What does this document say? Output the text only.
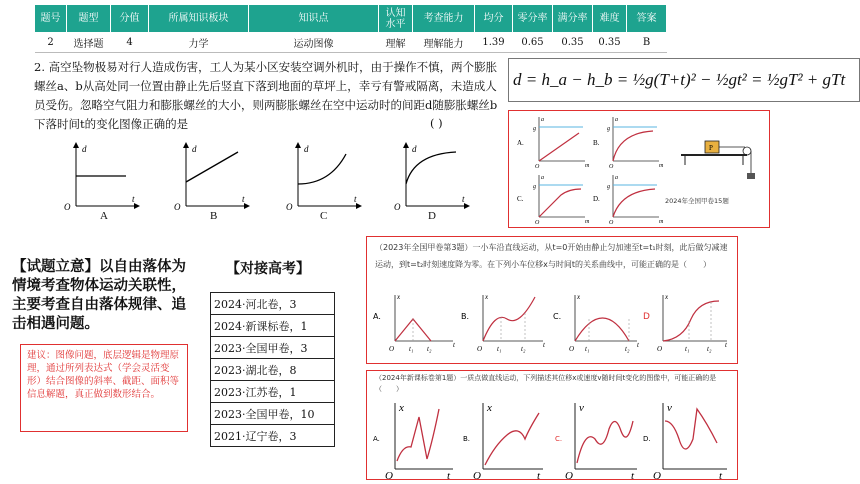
题号	题型	分值	所属知识板块	知识点	认知水平	考查能力	均分	零分率	满分率	难度	答案
2	选择题	4	力学	运动图像	理解	理解能力	1.39	0.65	0.35	0.35	B
2. 高空坠物极易对行人造成伤害，工人为某小区安装空调外机时，由于操作不慎，两个膨胀螺丝a、b从高处同一位置由静止先后竖直下落到地面的草坪上，幸亏有警戒隔离，未造成人员受伤。忽略空气阻力和膨胀螺丝的大小，则两膨胀螺丝在空中运动时的间距d随膨胀螺丝b下落时间t的变化图像正确的是	( )
d
O
t
d
O
t
d
O
t
d
O
t
A	B	C	D
d = h_a − h_b = ½g(T+t)² − ½gt² = ½gT² + gTt
A.
a
g
O	m
B.
a
g
O	m
C.
a
g
O	m
D.
a
g
O	m
P
2024年全国甲卷15题
（2023年全国甲卷第3题）一小车沿直线运动，从t=0开始由静止匀加速至t=t₁时刻，此后做匀减速运动，到t=t₂时刻速度降为零。在下列小车位移x与时间t的关系曲线中，可能正确的是（　　）
A.
x
O t₁ t₂	t
B.
x
O t₁	t₂	t
C.
x
O t₁	t₂ t
D
x
O	t₁	t₂ t
（2024年新课标卷第1题）一质点做直线运动，下列描述其位移x或速度v随时间t变化的图像中，可能正确的是（　　）
A.
x
O	t
B.
x
O	t
C.
v
O	t
D.
v
O	t
【试题立意】以自由落体为情境考查物体运动关联性，主要考查自由落体规律、追击相遇问题。
建议：图像问题，底层逻辑是物理原理，通过所列表达式（学会灵活变形）结合图像的斜率、截距、面积等信息解题，真正做到数形结合。
【对接高考】
2024·河北卷，3
2024·新课标卷，1
2023·全国甲卷，3
2023·湖北卷，8
2023·江苏卷，1
2023·全国甲卷，10
2021·辽宁卷，3
